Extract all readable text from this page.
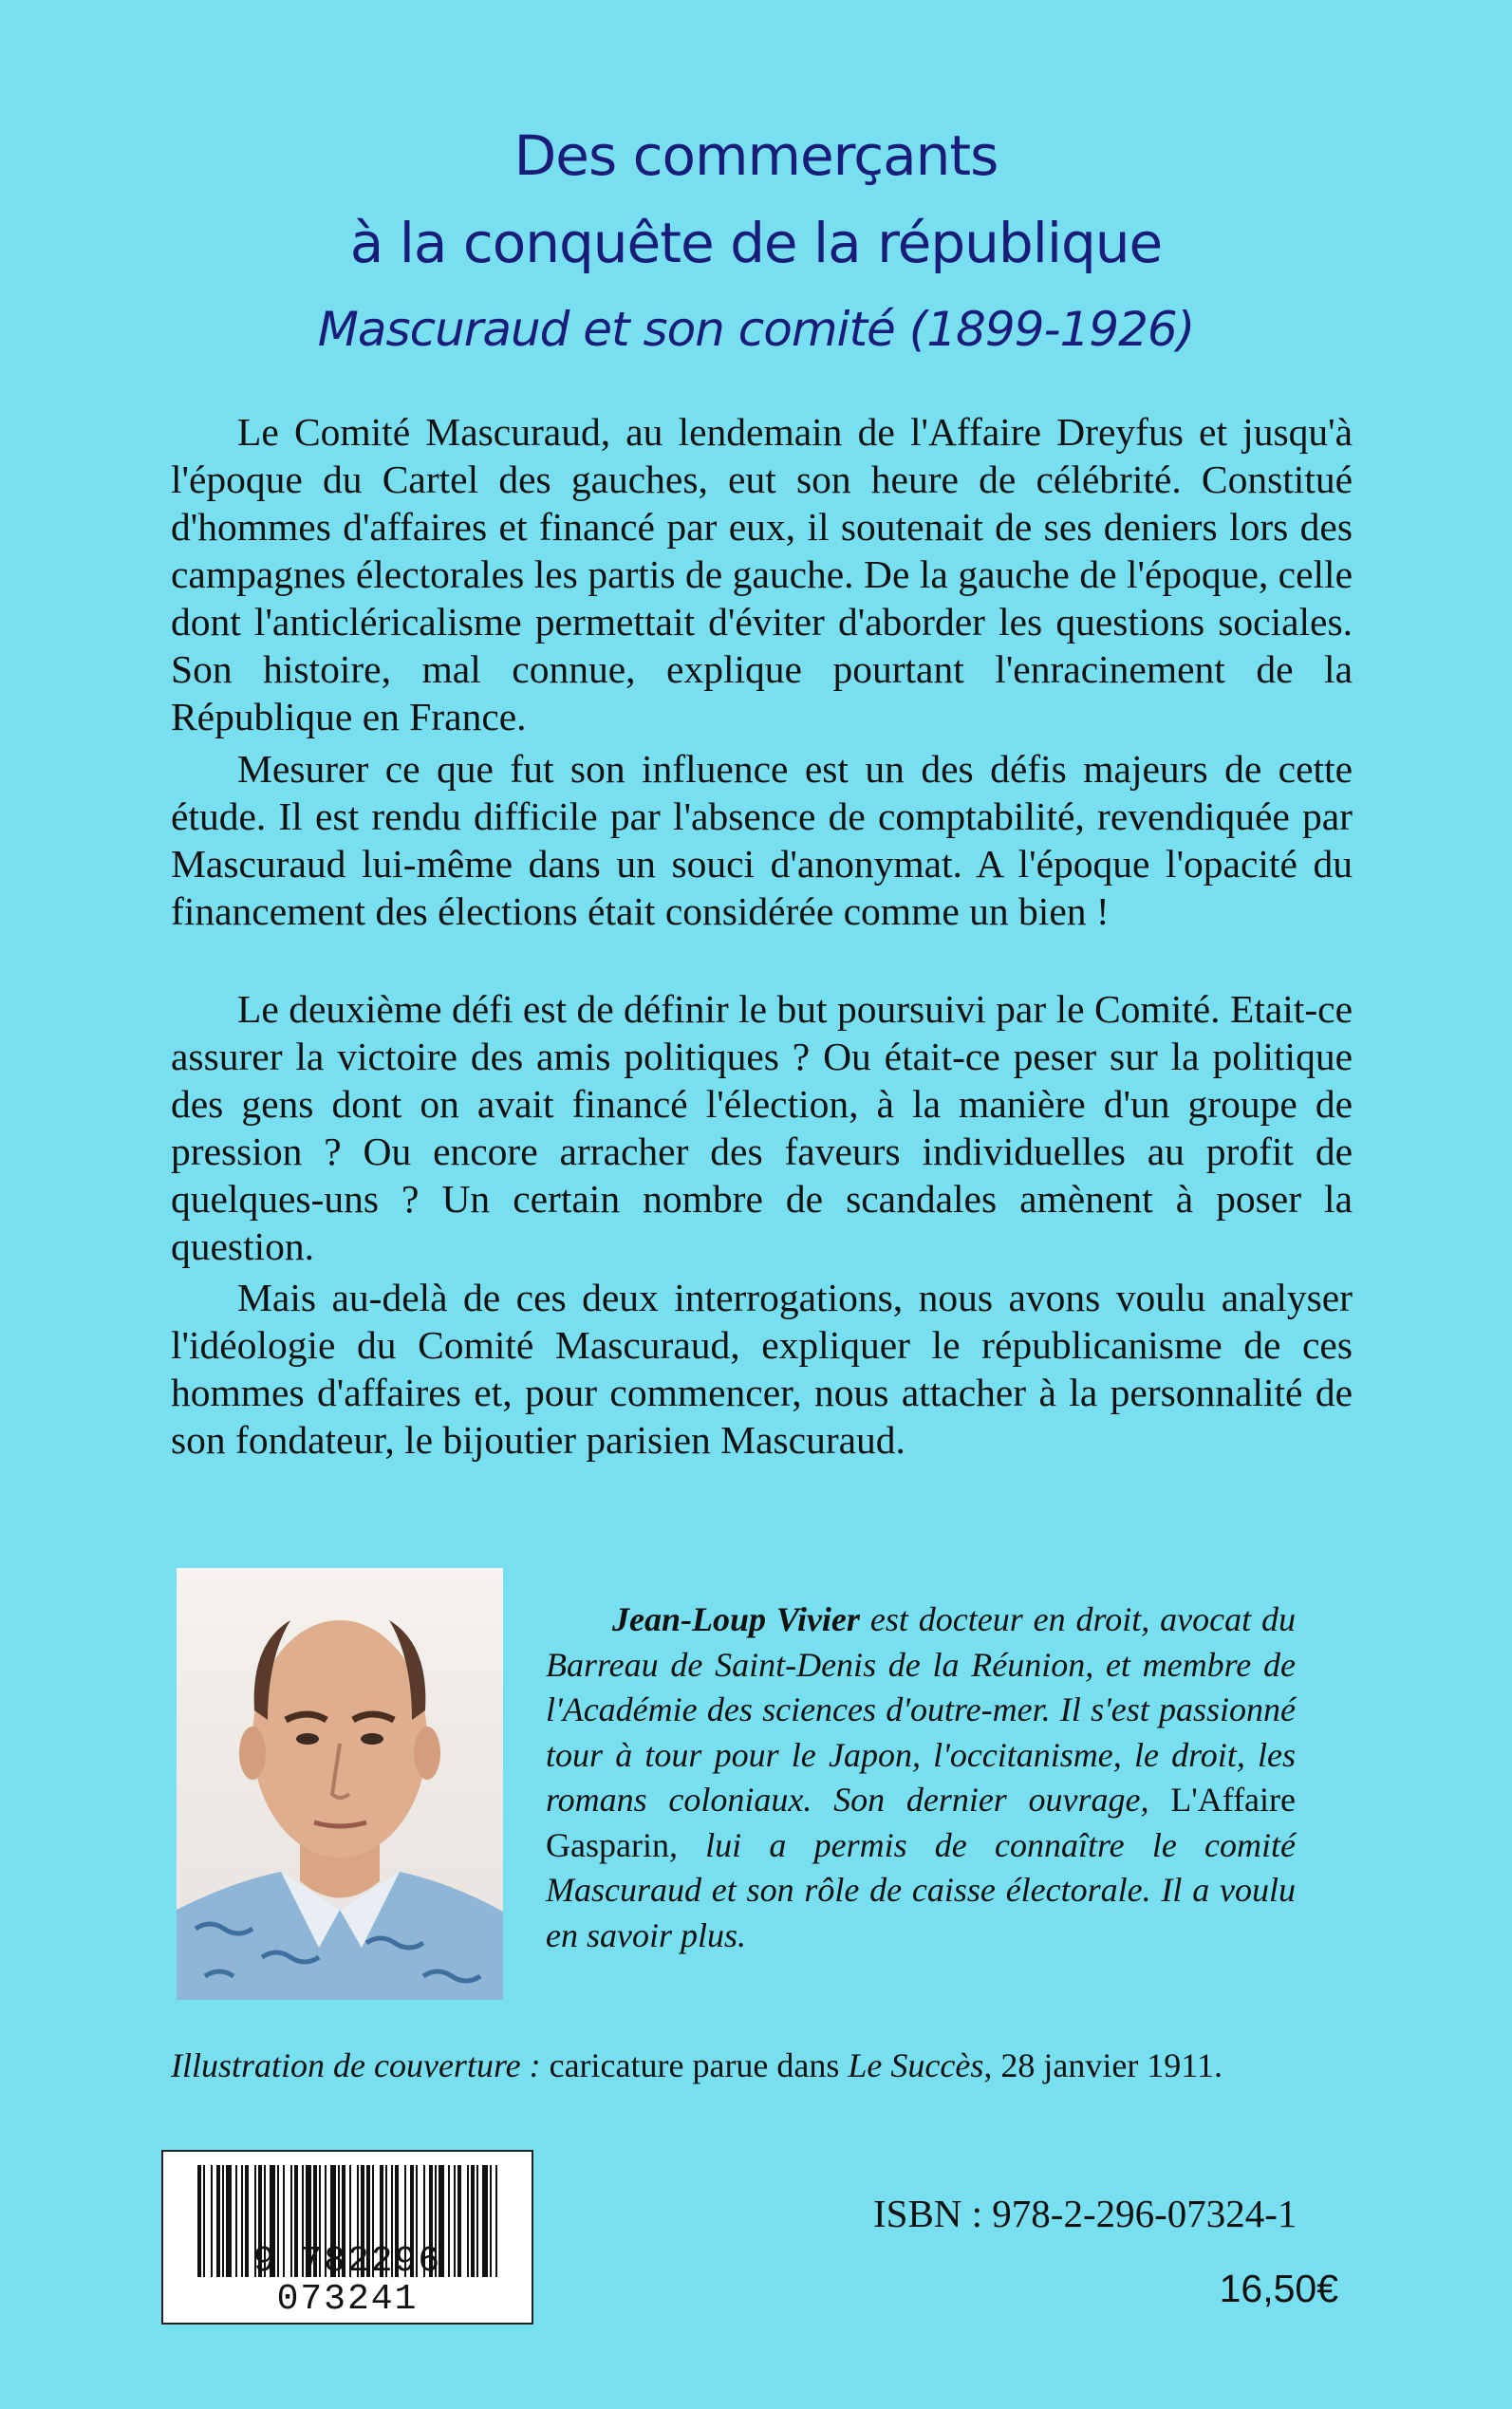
Des commerçants
à la conquête de la république
Mascuraud et son comité (1899-1926)

Le Comité Mascuraud, au lendemain de l'Affaire Dreyfus et jusqu'à l'époque du Cartel des gauches, eut son heure de célébrité. Constitué d'hommes d'affaires et financé par eux, il soutenait de ses deniers lors des campagnes électorales les partis de gauche. De la gauche de l'époque, celle dont l'anticléricalisme permettait d'éviter d'aborder les questions sociales. Son histoire, mal connue, explique pourtant l'enracinement de la République en France.

Mesurer ce que fut son influence est un des défis majeurs de cette étude. Il est rendu difficile par l'absence de comptabilité, revendiquée par Mascuraud lui-même dans un souci d'anonymat. A l'époque l'opacité du financement des élections était considérée comme un bien !

Le deuxième défi est de définir le but poursuivi par le Comité. Etait-ce assurer la victoire des amis politiques ? Ou était-ce peser sur la politique des gens dont on avait financé l'élection, à la manière d'un groupe de pression ? Ou encore arracher des faveurs individuelles au profit de quelques-uns ? Un certain nombre de scandales amènent à poser la question.

Mais au-delà de ces deux interrogations, nous avons voulu analyser l'idéologie du Comité Mascuraud, expliquer le républicanisme de ces hommes d'affaires et, pour commencer, nous attacher à la personnalité de son fondateur, le bijoutier parisien Mascuraud.

Jean-Loup Vivier est docteur en droit, avocat du Barreau de Saint-Denis de la Réunion, et membre de l'Académie des sciences d'outre-mer. Il s'est passionné tour à tour pour le Japon, l'occitanisme, le droit, les romans coloniaux. Son dernier ouvrage, L'Affaire Gasparin, lui a permis de connaître le comité Mascuraud et son rôle de caisse électorale. Il a voulu en savoir plus.
Illustration de couverture : caricature parue dans Le Succès, 28 janvier 1911.
9 782296 073241
ISBN : 978-2-296-07324-1
16,50€
